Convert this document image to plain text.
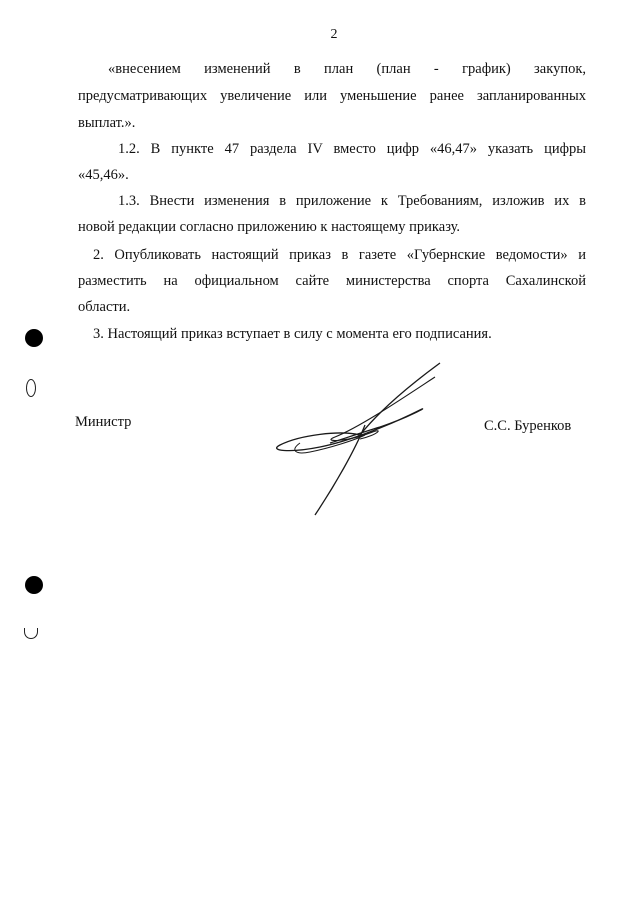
2
«внесением изменений в план (план - график) закупок,
предусматривающих увеличение или уменьшение ранее запланированных
выплат.».
1.2. В пункте 47 раздела IV вместо цифр «46,47» указать цифры
«45,46».
1.3. Внести изменения в приложение к Требованиям, изложив их в
новой редакции согласно приложению к настоящему приказу.
2. Опубликовать настоящий приказ в газете «Губернские ведомости» и
разместить на официальном сайте министерства спорта Сахалинской
области.
3. Настоящий приказ вступает в силу с момента его подписания.
Министр	С.С. Буренков
